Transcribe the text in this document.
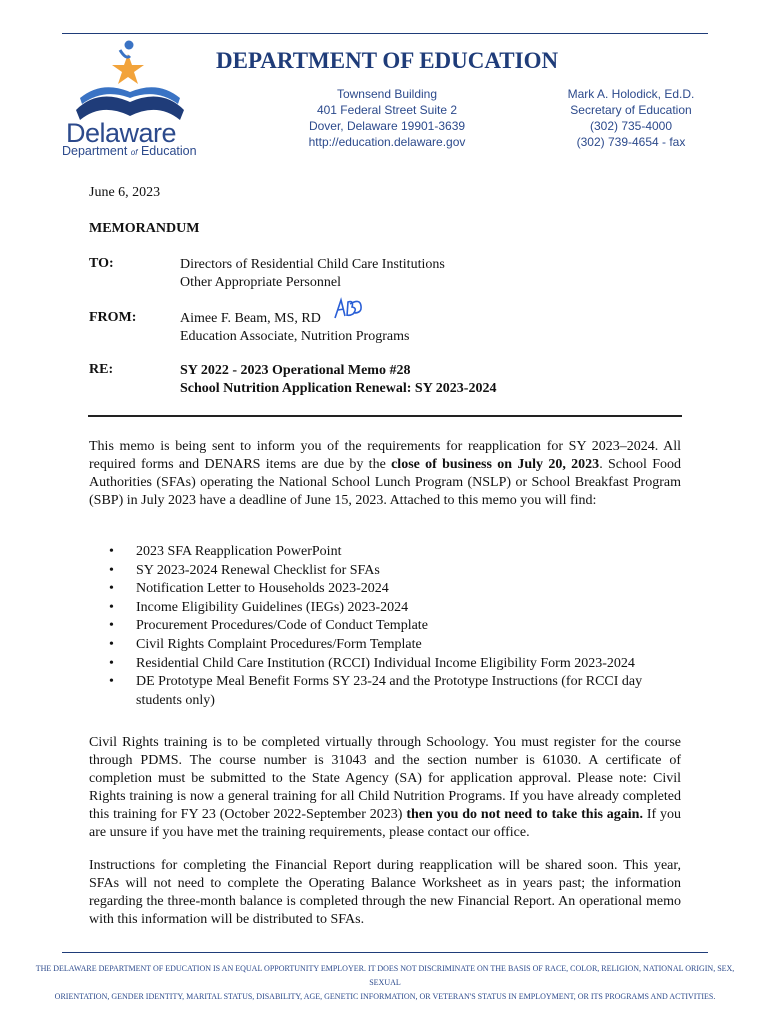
Delaware
Department of Education
DEPARTMENT OF EDUCATION
Townsend Building
401 Federal Street Suite 2
Dover, Delaware 19901-3639
http://education.delaware.gov
Mark A. Holodick, Ed.D.
Secretary of Education
(302) 735-4000
(302) 739-4654 - fax
June 6, 2023
MEMORANDUM
TO:	Directors of Residential Child Care Institutions
Other Appropriate Personnel
FROM:	Aimee F. Beam, MS, RD
Education Associate, Nutrition Programs
RE:	SY 2022 - 2023 Operational Memo #28
School Nutrition Application Renewal: SY 2023-2024
This memo is being sent to inform you of the requirements for reapplication for SY 2023–2024. All required forms and DENARS items are due by the close of business on July 20, 2023. School Food Authorities (SFAs) operating the National School Lunch Program (NSLP) or School Breakfast Program (SBP) in July 2023 have a deadline of June 15, 2023. Attached to this memo you will find:
• 2023 SFA Reapplication PowerPoint
• SY 2023-2024 Renewal Checklist for SFAs
• Notification Letter to Households 2023-2024
• Income Eligibility Guidelines (IEGs) 2023-2024
• Procurement Procedures/Code of Conduct Template
• Civil Rights Complaint Procedures/Form Template
• Residential Child Care Institution (RCCI) Individual Income Eligibility Form 2023-2024
• DE Prototype Meal Benefit Forms SY 23-24 and the Prototype Instructions (for RCCI day students only)
Civil Rights training is to be completed virtually through Schoology. You must register for the course through PDMS. The course number is 31043 and the section number is 61030. A certificate of completion must be submitted to the State Agency (SA) for application approval. Please note: Civil Rights training is now a general training for all Child Nutrition Programs. If you have already completed this training for FY 23 (October 2022-September 2023) then you do not need to take this again. If you are unsure if you have met the training requirements, please contact our office.
Instructions for completing the Financial Report during reapplication will be shared soon. This year, SFAs will not need to complete the Operating Balance Worksheet as in years past; the information regarding the three-month balance is completed through the new Financial Report. An operational memo with this information will be distributed to SFAs.
THE DELAWARE DEPARTMENT OF EDUCATION IS AN EQUAL OPPORTUNITY EMPLOYER. IT DOES NOT DISCRIMINATE ON THE BASIS OF RACE, COLOR, RELIGION, NATIONAL ORIGIN, SEX, SEXUAL
ORIENTATION, GENDER IDENTITY, MARITAL STATUS, DISABILITY, AGE, GENETIC INFORMATION, OR VETERAN'S STATUS IN EMPLOYMENT, OR ITS PROGRAMS AND ACTIVITIES.
